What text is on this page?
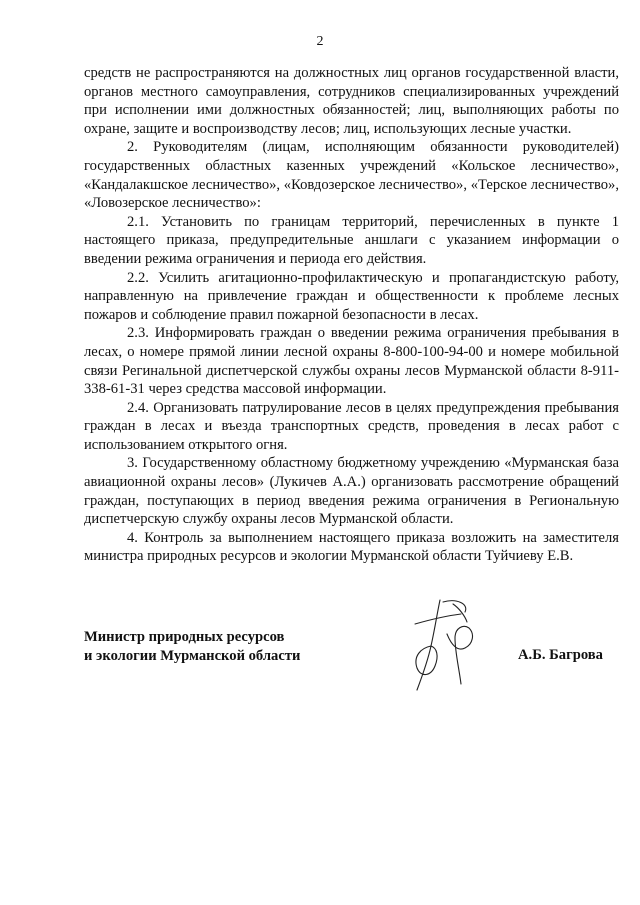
2

средств не распространяются на должностных лиц органов государственной власти, органов местного самоуправления, сотрудников специализированных учреждений при исполнении ими должностных обязанностей; лиц, выполняющих работы по охране, защите и воспроизводству лесов; лиц, использующих лесные участки.

2. Руководителям (лицам, исполняющим обязанности руководителей) государственных областных казенных учреждений «Кольское лесничество», «Кандалакшское лесничество», «Ковдозерское лесничество», «Терское лесничество», «Ловозерское лесничество»:

2.1. Установить по границам территорий, перечисленных в пункте 1 настоящего приказа, предупредительные аншлаги с указанием информации о введении режима ограничения и периода его действия.

2.2. Усилить агитационно-профилактическую и пропагандистскую работу, направленную на привлечение граждан и общественности к проблеме лесных пожаров и соблюдение правил пожарной безопасности в лесах.

2.3. Информировать граждан о введении режима ограничения пребывания в лесах, о номере прямой линии лесной охраны 8-800-100-94-00 и номере мобильной связи Регинальной диспетчерской службы охраны лесов Мурманской области 8-911-338-61-31 через средства массовой информации.

2.4. Организовать патрулирование лесов в целях предупреждения пребывания граждан в лесах и въезда транспортных средств, проведения в лесах работ с использованием открытого огня.

3. Государственному областному бюджетному учреждению «Мурманская база авиационной охраны лесов» (Лукичев А.А.) организовать рассмотрение обращений граждан, поступающих в период введения режима ограничения в Региональную диспетчерскую службу охраны лесов Мурманской области.

4. Контроль за выполнением настоящего приказа возложить на заместителя министра природных ресурсов и экологии Мурманской области Туйчиеву Е.В.

Министр природных ресурсов
и экологии Мурманской области	А.Б. Багрова
